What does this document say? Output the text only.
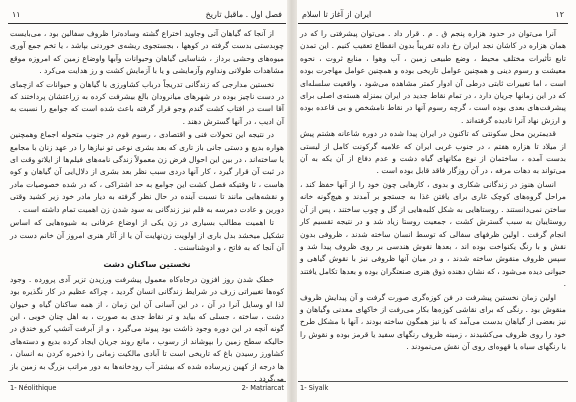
فصل اول . ماقبل تاریخ
١١

از آنجا که گیاهان آتی وجاوید اختراع گشته وساده‌ترا ظروف سفالین بود ، می‌بایست چوبدستی بدست گرفته در کوهها ، بجستجوی ریشه‌ی خوردنی بپاشد ، یا تخم جمع آوری میوه‌های وحشی برداز ، شناسایی گیاهان وحیوانات وآبها واوضاع زمین که امروزه موقع مشاهدات طولانی ونداوم وآزمایشی و یا با آزمایش کشت و رز هدایت می‌کرد .

نخستین مدارجی که زندگانی تدریجاً درباب کشاورزی با گیاهان و حیوانات که ازچمای در دست ناچیز بوده در شهرهای میانرودان بالغ بیشرفت کرده به زراعتشان پرداختند که آقا است در افتاب کشت گندم وجو قرار گرفته باعث شده است که جوامع را نسبت به آن ادیب ، در آنها گسترش دهند .

در نتیجه این تحولات فنی و اقتصادی ، رسوم قوم در جنوب متحوله اجماع وهمچنین هواره بدیع و دستی جانی باز تاری که بعد بشری نوعی تو نیازها را در عهد زنان با مجامع یا ساخته‌اند ، در بین این احوال فرض زن معمولاً زندگی نامه‌های فیلم‌ها از ایلاتو وقت ای در ثبت آن قرار گیرد ، کار آنها دردی سبب نظر بعد بشری از دلال‌ایی آن گیاهان و کوه هاست ، تا وقتیکه فصل کشت این جوامع به حد اشتراکی ، که در شده خصوصیات مادر و نقشه‌هایی مانند تا نسبت آینده در حال نظر گرفته به دیار مادر خود زیر کشید وقتی دورین و عادت دمرسه به قلم نیز زندگانی به سود شدن زن اهمیت تمام داشته است .

تا اهمیت مطالب بسیاری در زن یکی از اوضاع عرفانی به شیوه‌هایی که اساس تشکیل میخشد بدل باری از اولویت زن‌نهایت آن یا از آثار هنری امروز آن خانم دست در آن آنجا که به فاتح ، و ادوشناسنت .

نخستین ساکنان دشت

خطک شدن روز افزون درجاه‌کاه معمول پیشرفت ورزیدن تزیر آدی پرورده . وجود کوه‌ها تغییراتی زرف در شرایط زندگانی انسان گردید ، چراکه عظیم در کار نگذیره بود لذا او وسایل آنرا در آن ، در این آسانی آن این زمان ، از همه ساکنان گیاه و حیوان دشت ، ساخته ، جسلی که بیاید و تر نقاط جدی به صورت ، به اهل چنان خوبی ، این گونه آنچه در این دوره وجود ذاشت بود پیوند می‌گیرد ، و از آبرفت آتشپ کرو خندق در حالیکه سطح زمین را بپوشاند از رسوب ، مانع روند جریان ایجاد کرده بدیع و دسته‌های کشاورز رسیدن باغ که تاریخی است تا آبادی مالکیت زمانی را ذخیره کردن به انسان ، ها درجه از کهین زیرساده شده که بیشتر آب رودخانه‌ها به دور مراتب بزرگ به زمین باز می‌گردد .

1- Néolithique	2- Matriarcat
١٢
ایران از آغاز تا اسلام

آنرا می‌توان در حدود هزاره پنجم ق . م . قرار داد . می‌توان پیشرفتی را که در همان هزاره در کاشان نجد ایران رخ داده تقریباً بدون انقطاع تعقیب کنیم . این تمدن تابع تأثیرات مختلف محیط ، وضع طبیعی زمین ، آب وهوا ، منابع ثروت ، نحوه معیشت و رسوم دینی و همچنین عوامل تاریخی بوده و همچنین عوامل مهاجرت بوده است ، اما تغییرات ثابتی درطی آن ادوار کمتر مشاهده می‌شود ، واقعیت سلسله‌ای که در این زمانها جریان دارد ، در تمام نقاط جدید در ایران بمنزله هسته‌ی اصلی برای پیشرفت‌های بعدی بوده است ، گرچه رسوم آنها در نقاط نامشخص و بی قاعده بوده و ارزش نهاد آنرا نادیده گرفته‌اند .

قدیمترین محل سکونتی که تاکنون در ایران پیدا شده در دوره شاعانه هشتم پیش از میلاد تا هزاره هفتم ، در جنوب غربی ایران که علامیه گرکونت کامل از لیستی بدست آمده ، ساختمان از نوع مکانهای گیاه دشت و عدم دفاع از آن یکه به آن می‌تواند به دهات مرفه ، در آن روزگار فاقد قابل بوده است .

انسان هنوز در زندگانی شکاری و بدوی ، کارهایی چون خود را از آنها حفظ کند ، مراحل گروه‌های کوچک غاری برای یافتن غذا به جستجو بر آمدند و هیچ‌گونه خانه ساختن نمی‌دانستند . روستاهایی به شکل کلبه‌هایی از گل و چوب ساختند ، پس از آن روستاییان به سبب گسترش کشت ، جمعیت روستا زیاد شد و در نتیجه تقسیم کار انجام گرفت . اولین ظرفهای سفالی که توسط انسان ساخته شدند ، ظروفی بدون نقش و با رنگ یکنواخت بوده اند ، بعدها نقوش هندسی بر روی ظروف پیدا شد و سپس ظروف منقوش ساخته شدند ، و در میان آنها ظروفی نیز با نقوش گیاهی و حیوانی دیده می‌شود ، که نشان دهنده ذوق هنری صنعتگران بوده و بعدها تکامل یافتند .

اولین زمان نخستین پیشرفت در فن کوزه‌گری صورت گرفت و آن پیدایش ظروف منقوش بود . رنگی که برای نقاشی کوزه‌ها بکار می‌رفت از خاکهای معدنی وگیاهان و نیز بعضی از گیاهان بدست می‌آمد که با نیز همگون ساخته بودند ، آنها با مشکل طرح خود را روی ظروف می‌کشیدند ، زمینه ظروف رنگهای سفید یا قرمز بوده و نقوش را با رنگهای سیاه یا قهوه‌ای روی آن نقش می‌نمودند .

1- Siyalk
